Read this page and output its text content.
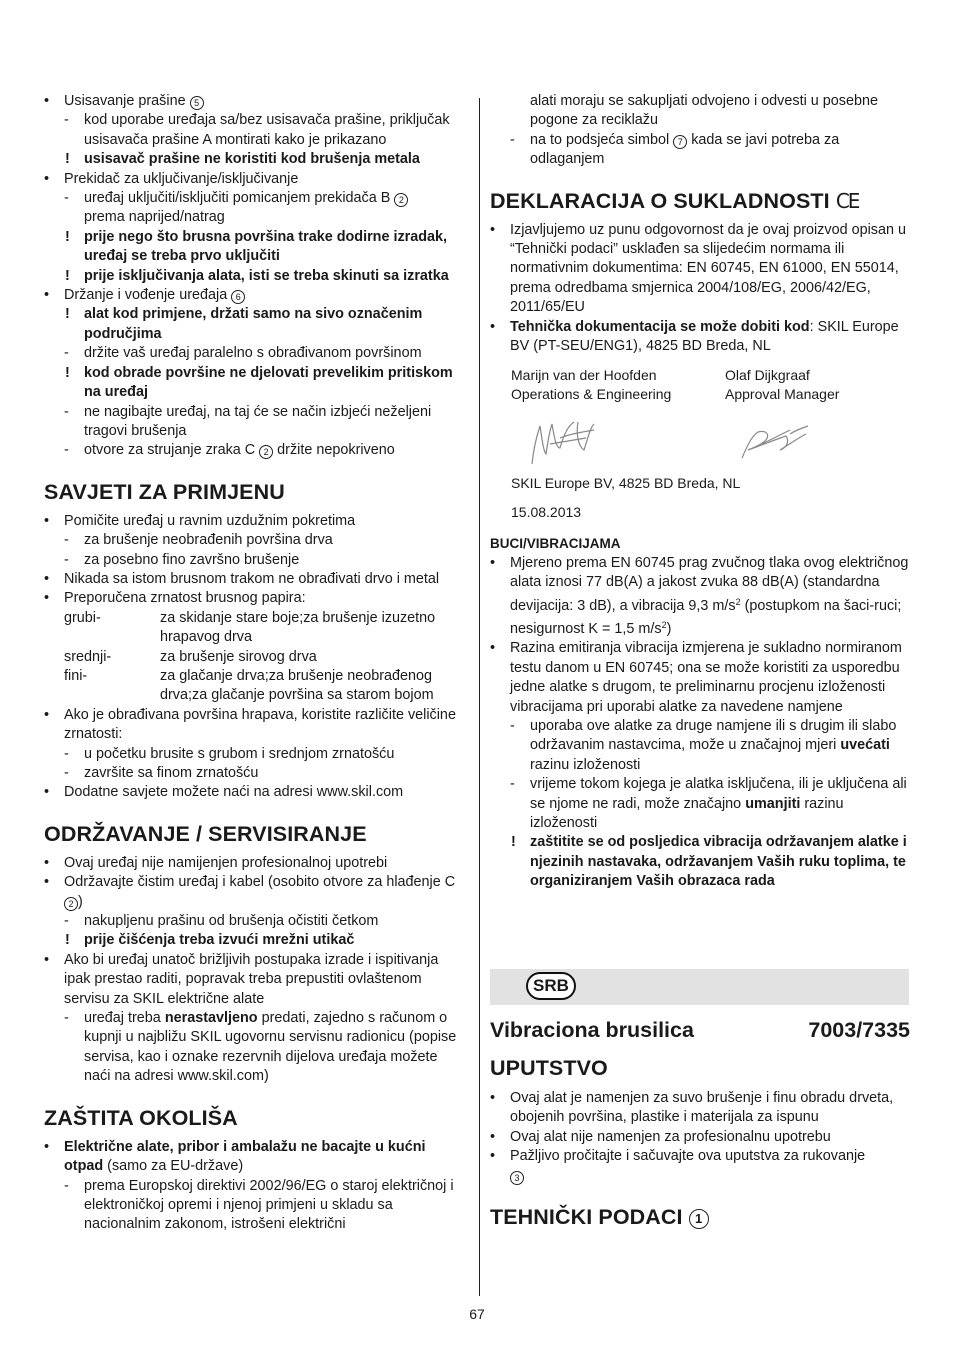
• Usisavanje prašine 5
- kod uporabe uređaja sa/bez usisavača prašine, priključak usisavača prašine A montirati kako je prikazano
! usisavač prašine ne koristiti kod brušenja metala
• Prekidač za uključivanje/isključivanje
- uređaj uključiti/isključiti pomicanjem prekidača B 2
prema naprijed/natrag
! prije nego što brusna površina trake dodirne izradak, uređaj se treba prvo uključiti
! prije isključivanja alata, isti se treba skinuti sa izratka
• Držanje i vođenje uređaja 6
! alat kod primjene, držati samo na sivo označenim područjima
- držite vaš uređaj paralelno s obrađivanom površinom
! kod obrade površine ne djelovati prevelikim pritiskom na uređaj
- ne nagibajte uređaj, na taj će se način izbjeći neželjeni tragovi brušenja
- otvore za strujanje zraka C 2 držite nepokriveno
SAVJETI ZA PRIMJENU
• Pomičite uređaj u ravnim uzdužnim pokretima
- za brušenje neobrađenih površina drva
- za posebno fino završno brušenje
• Nikada sa istom brusnom trakom ne obrađivati drvo i metal
• Preporučena zrnatost brusnog papira:
grubi-	za skidanje stare boje;za brušenje izuzetno hrapavog drva
srednji-	za brušenje sirovog drva
fini-	za glačanje drva;za brušenje neobrađenog drva;za glačanje površina sa starom bojom
• Ako je obrađivana površina hrapava, koristite različite veličine zrnatosti:
- u početku brusite s grubom i srednjom zrnatošću
- završite sa finom zrnatošću
• Dodatne savjete možete naći na adresi www.skil.com
ODRŽAVANJE / SERVISIRANJE
• Ovaj uređaj nije namijenjen profesionalnoj upotrebi
• Održavajte čistim uređaj i kabel (osobito otvore za hlađenje C 2 )
- nakupljenu prašinu od brušenja očistiti četkom
! prije čišćenja treba izvući mrežni utikač
• Ako bi uređaj unatoč brižljivih postupaka izrade i ispitivanja ipak prestao raditi, popravak treba prepustiti ovlaštenom servisu za SKIL električne alate
- uređaj treba nerastavljeno predati, zajedno s računom o kupnji u najbližu SKIL ugovornu servisnu radionicu (popise servisa, kao i oznake rezervnih dijelova uređaja možete naći na adresi www.skil.com)
ZAŠTITA OKOLIŠA
• Električne alate, pribor i ambalažu ne bacajte u kućni otpad (samo za EU-države)
- prema Europskoj direktivi 2002/96/EG o staroj električnoj i elektroničkoj opremi i njenoj primjeni u skladu sa nacionalnim zakonom, istrošeni električni
alati moraju se sakupljati odvojeno i odvesti u posebne pogone za reciklažu
- na to podsjeća simbol 7 kada se javi potreba za odlaganjem
DEKLARACIJA O SUKLADNOSTI CE
• Izjavljujemo uz punu odgovornost da je ovaj proizvod opisan u “Tehnički podaci” usklađen sa slijedećim normama ili normativnim dokumentima: EN 60745, EN 61000, EN 55014, prema odredbama smjernica 2004/108/EG, 2006/42/EG, 2011/65/EU
• Tehnička dokumentacija se može dobiti kod: SKIL Europe BV (PT-SEU/ENG1), 4825 BD Breda, NL
Marijn van der Hoofden
Operations & Engineering
Olaf Dijkgraaf
Approval Manager
SKIL Europe BV, 4825 BD Breda, NL
15.08.2013
BUCI/VIBRACIJAMA
• Mjereno prema EN 60745 prag zvučnog tlaka ovog električnog alata iznosi 77 dB(A) a jakost zvuka 88 dB(A) (standardna devijacija: 3 dB), a vibracija 9,3 $m/s^2$ (postupkom na šaci-ruci; nesigurnost K = 1,5 $m/s^2$)
• Razina emitiranja vibracija izmjerena je sukladno normiranom testu danom u EN 60745; ona se može koristiti za usporedbu jedne alatke s drugom, te preliminarnu procjenu izloženosti vibracijama pri uporabi alatke za navedene namjene
- uporaba ove alatke za druge namjene ili s drugim ili slabo održavanim nastavcima, može u značajnoj mjeri uvećati razinu izloženosti
- vrijeme tokom kojega je alatka isključena, ili je uključena ali se njome ne radi, može značajno umanjiti razinu izloženosti
! zaštitite se od posljedica vibracija održavanjem alatke i njezinih nastavaka, održavanjem Vaših ruku toplima, te organiziranjem Vaših obrazaca rada
SRB
Vibraciona brusilica	7003/7335
UPUTSTVO
• Ovaj alat je namenjen za suvo brušenje i finu obradu drveta, obojenih površina, plastike i materijala za ispunu
• Ovaj alat nije namenjen za profesionalnu upotrebu
• Pažljivo pročitajte i sačuvajte ova uputstva za rukovanje
3
TEHNIČKI PODACI 1
67
